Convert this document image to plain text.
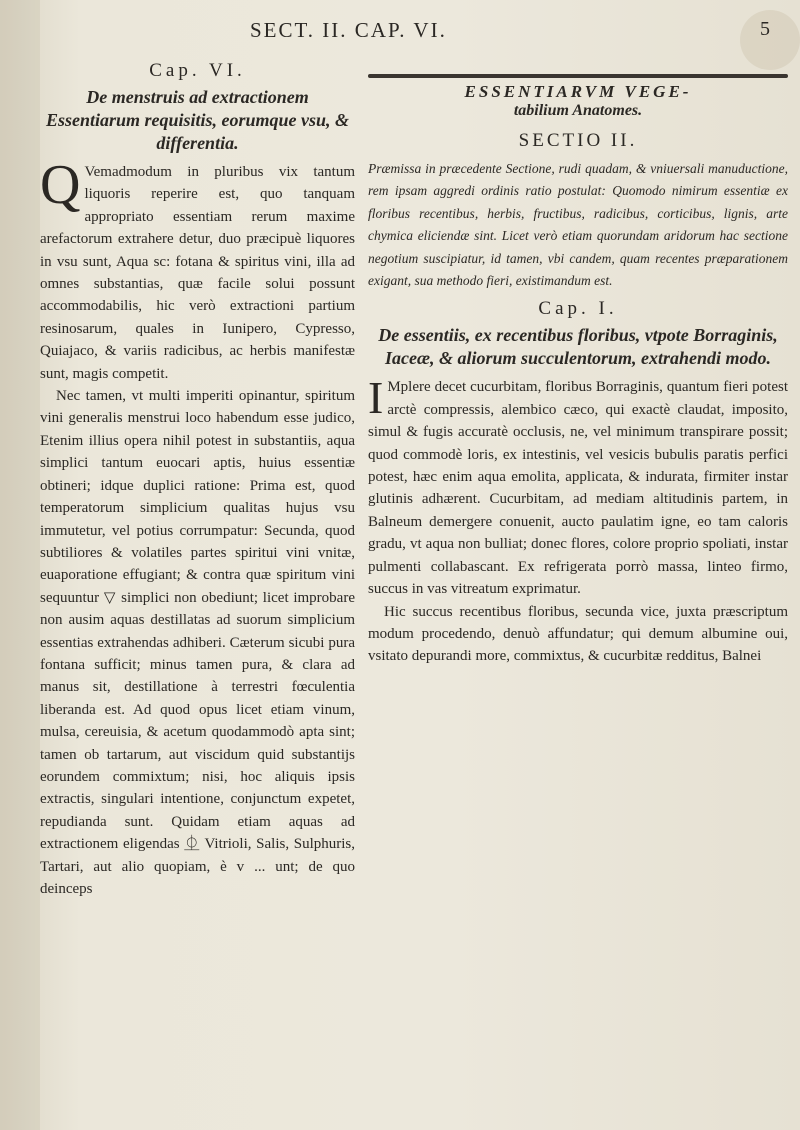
SECT. II. CAP. VI.	5
Cap. VI.
De menstruis ad extractionem Essentiarum requisitis, eorumque vsu, & differentia.

Q Vemadmodum in pluribus vix tantum liquoris reperire est, quo tanquam appropriato essentiam rerum maxime arefactorum extrahere detur, duo præcipuè liquores in vsu sunt, Aqua sc: fotana & spiritus vini, illa ad omnes substantias, quæ facile solui possunt accommodabilis, hic verò extractioni partium resinosarum, quales in Iunipero, Cypresso, Quiajaco, & variis radicibus, ac herbis manifestæ sunt, magis competit.

Nec tamen, vt multi imperiti opinantur, spiritum vini generalis menstrui loco habendum esse judico, Etenim illius opera nihil potest in substantiis, aqua simplici tantum euocari aptis, huius essentiæ obtineri; idque duplici ratione: Prima est, quod temperatorum simplicium qualitas hujus vsu immutetur, vel potius corrumpatur: Secunda, quod subtiliores & volatiles partes spiritui vini vnitæ, euaporatione effugiant; & contra quæ spiritum vini sequuntur ▽ simplici non obediunt; licet improbare non ausim aquas destillatas ad suorum simplicium essentias extrahendas adhiberi. Cæterum sicubi pura fontana sufficit; minus tamen pura, & clara ad manus sit, destillatione à terrestri fœculentia liberanda est. Ad quod opus licet etiam vinum, mulsa, cereuisia, & acetum quodammodò apta sint; tamen ob tartarum, aut viscidum quid substantijs eorundem commixtum; nisi, hoc aliquis ipsis extractis, singulari intentione, conjunctum expetet, repudianda sunt. Quidam etiam aquas ad extractionem eligendas ⏂ Vitrioli, Salis, Sulphuris, Tartari, aut alio quopiam, è v ... unt; de quo deinceps

ESSENTIARVM VEGE-
tabilium Anatomes.
SECTIO II.

Præmissa in præcedente Sectione, rudi quadam, & vniuersali manuductione, rem ipsam aggredi ordinis ratio postulat: Quomodo nimirum essentiæ ex floribus recentibus, herbis, fructibus, radicibus, corticibus, lignis, arte chymica eliciendæ sint. Licet verò etiam quorundam aridorum hac sectione negotium suscipiatur, id tamen, vbi candem, quam recentes præparationem exigant, sua methodo fieri, existimandum est.

Cap. I.
De essentiis, ex recentibus floribus, vtpote Borraginis, Iaceæ, & aliorum succulentorum, extrahendi modo.

I Mplere decet cucurbitam, floribus Borraginis, quantum fieri potest arctè compressis, alembico cæco, qui exactè claudat, imposito, simul & fugis accuratè occlusis, ne, vel minimum transpirare possit; quod commodè loris, ex intestinis, vel vesicis bubulis paratis perfici potest, hæc enim aqua emolita, applicata, & indurata, firmiter instar glutinis adhærent. Cucurbitam, ad mediam altitudinis partem, in Balneum demergere conuenit, aucto paulatim igne, eo tam caloris gradu, vt aqua non bulliat; donec flores, colore proprio spoliati, instar pulmenti collabascant. Ex refrigerata porrò massa, linteo firmo, succus in vas vitreatum exprimatur.

Hic succus recentibus floribus, secunda vice, juxta præscriptum modum procedendo, denuò affundatur; qui demum albumine oui, vsitato depurandi more, commixtus, & cucurbitæ redditus, Balnei
